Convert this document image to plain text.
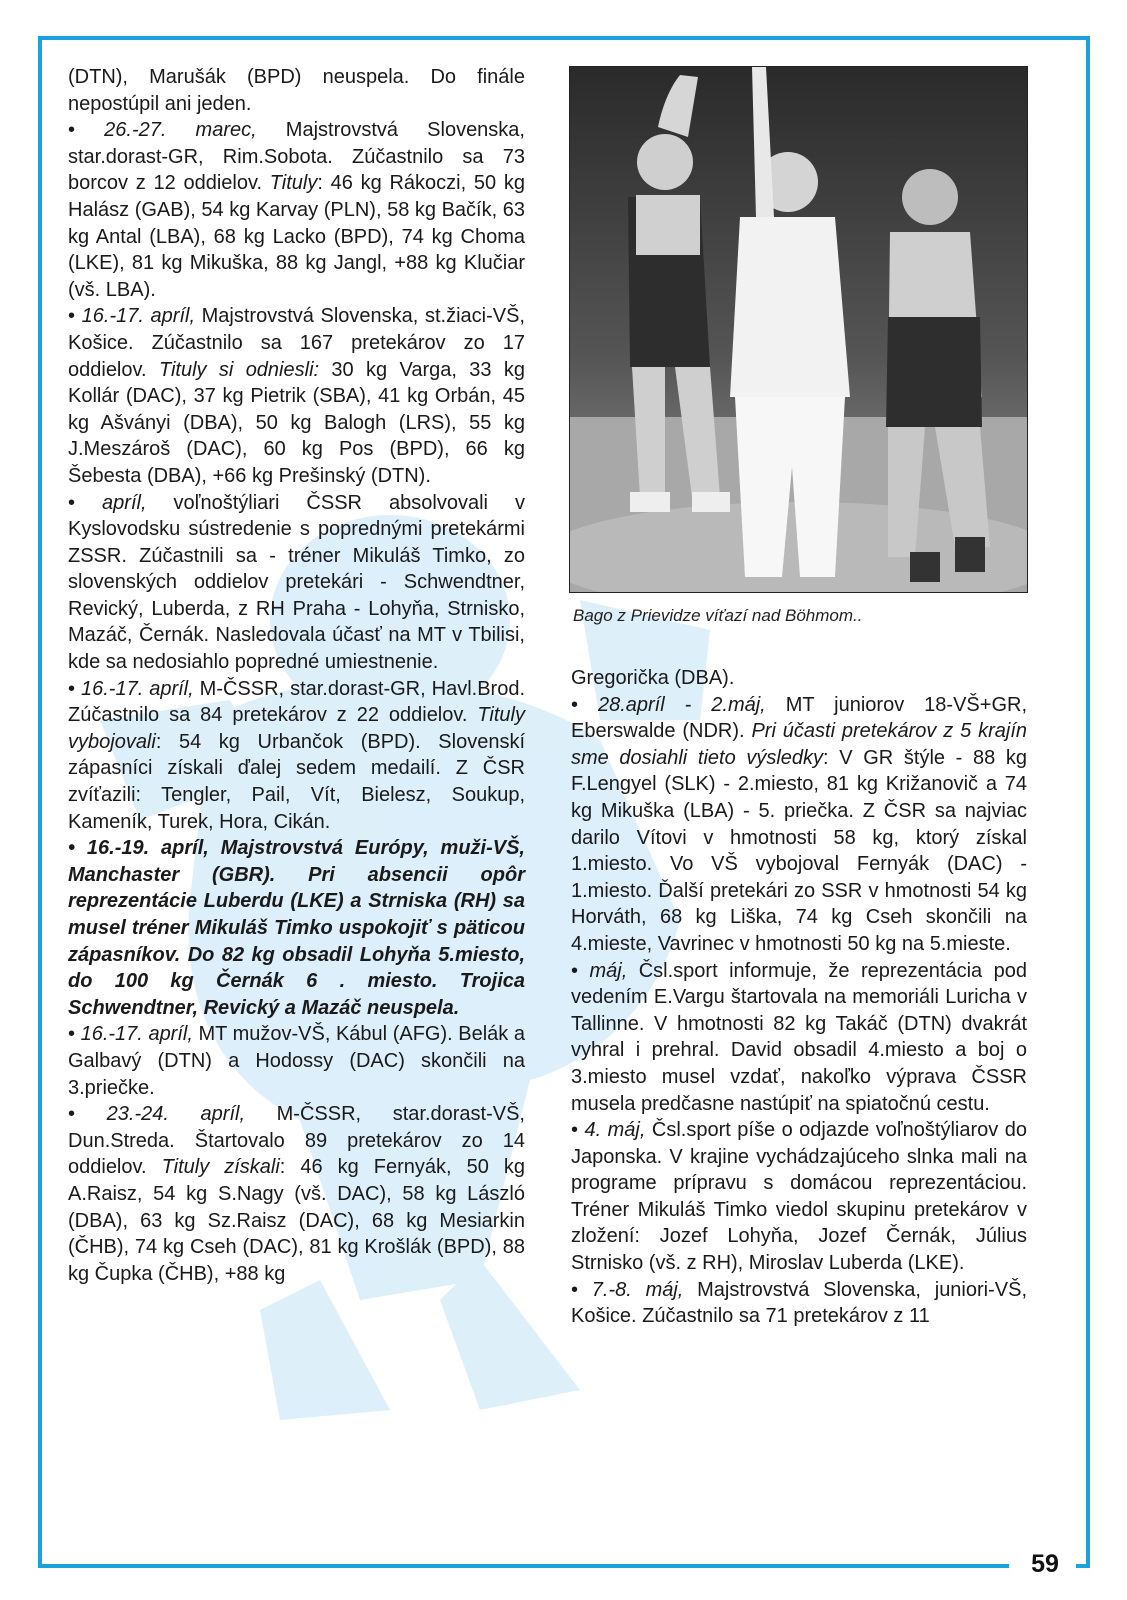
59

(DTN), Marušák (BPD) neuspela. Do finále nepostúpil ani jeden.

• 26.-27. marec, Majstrovstvá Slovenska, star.dorast-GR, Rim.Sobota. Zúčastnilo sa 73 borcov z 12 oddielov. Tituly: 46 kg Rákoczi, 50 kg Halász (GAB), 54 kg Karvay (PLN), 58 kg Bačík, 63 kg Antal (LBA), 68 kg Lacko (BPD), 74 kg Choma (LKE), 81 kg Mikuška, 88 kg Jangl, +88 kg Klučiar (vš. LBA).

• 16.-17. apríl, Majstrovstvá Slovenska, st.žiaci-VŠ, Košice. Zúčastnilo sa 167 pretekárov zo 17 oddielov. Tituly si odniesli: 30 kg Varga, 33 kg Kollár (DAC), 37 kg Pietrik (SBA), 41 kg Orbán, 45 kg Ašványi (DBA), 50 kg Balogh (LRS), 55 kg J.Meszároš (DAC), 60 kg Pos (BPD), 66 kg Šebesta (DBA), +66 kg Prešinský (DTN).

• apríl, voľnoštýliari ČSSR absolvovali v Kyslovodsku sústredenie s poprednými pretekármi ZSSR. Zúčastnili sa - tréner Mikuláš Timko, zo slovenských oddielov pretekári - Schwendtner, Revický, Luberda, z RH Praha - Lohyňa, Strnisko, Mazáč, Černák. Nasledovala účasť na MT v Tbilisi, kde sa nedosiahlo popredné umiestnenie.

• 16.-17. apríl, M-ČSSR, star.dorast-GR, Havl.Brod. Zúčastnilo sa 84 pretekárov z 22 oddielov. Tituly vybojovali: 54 kg Urbančok (BPD). Slovenskí zápasníci získali ďalej sedem medailí. Z ČSR zvíťazili: Tengler, Pail, Vít, Bielesz, Soukup, Kameník, Turek, Hora, Cikán.

• 16.-19. apríl, Majstrovstvá Európy, muži-VŠ, Manchaster (GBR). Pri absencii opôr reprezentácie Luberdu (LKE) a Strniska (RH) sa musel tréner Mikuláš Timko uspokojiť s päticou zápasníkov. Do 82 kg obsadil Lohyňa 5.miesto, do 100 kg Černák 6 . miesto. Trojica Schwendtner, Revický a Mazáč neuspela.

• 16.-17. apríl, MT mužov-VŠ, Kábul (AFG). Belák a Galbavý (DTN) a Hodossy (DAC) skončili na 3.priečke.

• 23.-24. apríl, M-ČSSR, star.dorast-VŠ, Dun.Streda. Štartovalo 89 pretekárov zo 14 oddielov. Tituly získali: 46 kg Fernyák, 50 kg A.Raisz, 54 kg S.Nagy (vš. DAC), 58 kg László (DBA), 63 kg Sz.Raisz (DAC), 68 kg Mesiarkin (ČHB), 74 kg Cseh (DAC), 81 kg Krošlák (BPD), 88 kg Čupka (ČHB), +88 kg

Bago z Prievidze víťazí nad Böhmom..

Gregorička (DBA).

• 28.apríl - 2.máj, MT juniorov 18-VŠ+GR, Eberswalde (NDR). Pri účasti pretekárov z 5 krajín sme dosiahli tieto výsledky: V GR štýle - 88 kg F.Lengyel (SLK) - 2.miesto, 81 kg Križanovič a 74 kg Mikuška (LBA) - 5. priečka. Z ČSR sa najviac darilo Vítovi v hmotnosti 58 kg, ktorý získal 1.miesto. Vo VŠ vybojoval Fernyák (DAC) - 1.miesto. Ďalší pretekári zo SSR v hmotnosti 54 kg Horváth, 68 kg Liška, 74 kg Cseh skončili na 4.mieste, Vavrinec v hmotnosti 50 kg na 5.mieste.

• máj, Čsl.sport informuje, že reprezentácia pod vedením E.Vargu štartovala na memoriáli Luricha v Tallinne. V hmotnosti 82 kg Takáč (DTN) dvakrát vyhral i prehral. David obsadil 4.miesto a boj o 3.miesto musel vzdať, nakoľko výprava ČSSR musela predčasne nastúpiť na spiatočnú cestu.

• 4. máj, Čsl.sport píše o odjazde voľnoštýliarov do Japonska. V krajine vychádzajúceho slnka mali na programe prípravu s domácou reprezentáciou. Tréner Mikuláš Timko viedol skupinu pretekárov v zložení: Jozef Lohyňa, Jozef Černák, Július Strnisko (vš. z RH), Miroslav Luberda (LKE).

• 7.-8. máj, Majstrovstvá Slovenska, juniori-VŠ, Košice. Zúčastnilo sa 71 pretekárov z 11
